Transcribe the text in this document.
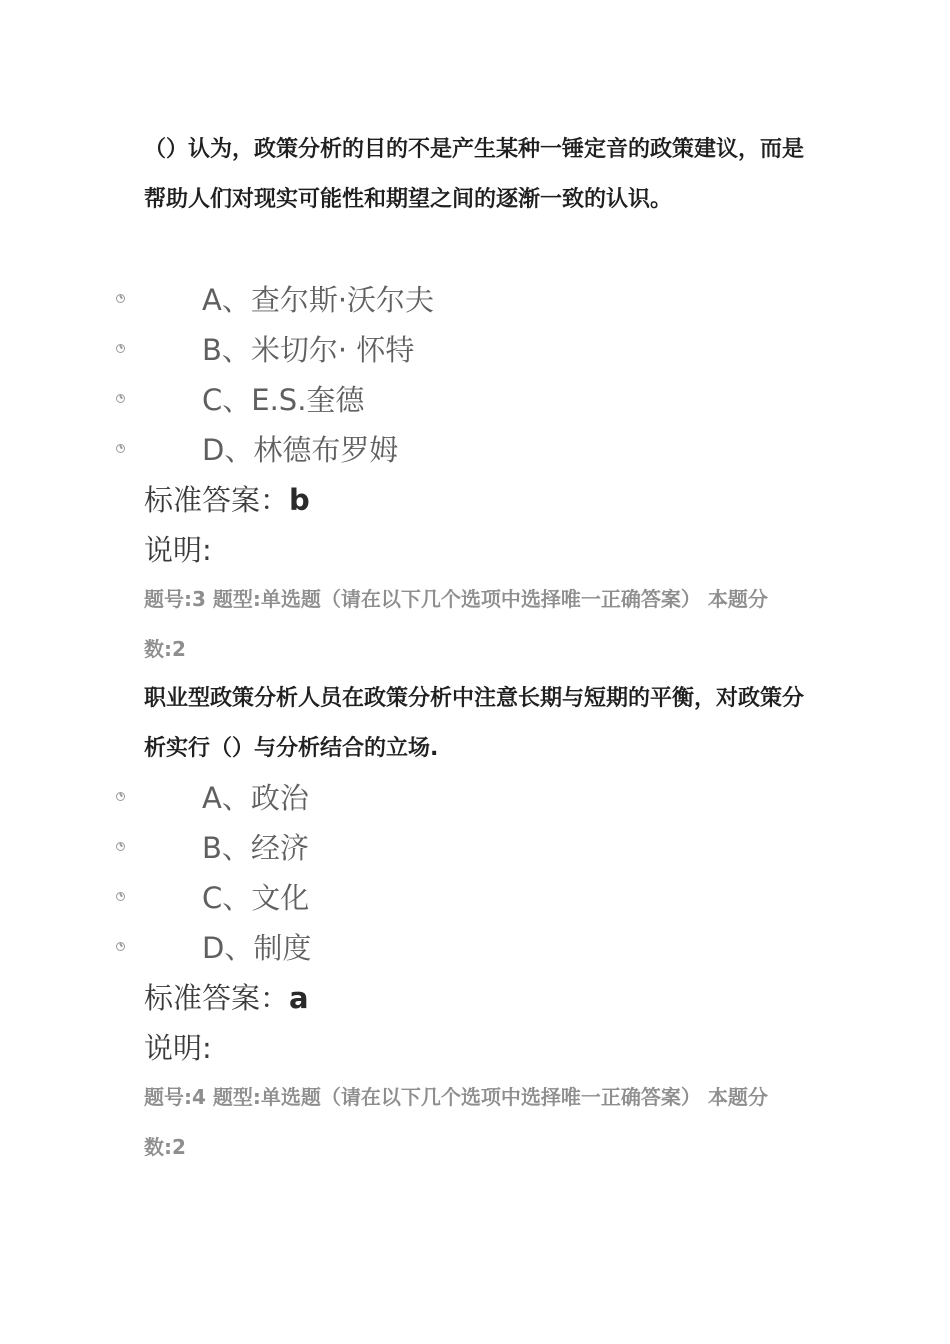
（）认为，政策分析的目的不是产生某种一锤定音的政策建议，而是帮助人们对现实可能性和期望之间的逐渐一致的认识。

A、查尔斯·沃尔夫
B、米切尔· 怀特
C、E.S.奎德
D、林德布罗姆
标准答案：b
说明:

题号:3 题型:单选题（请在以下几个选项中选择唯一正确答案） 本题分数:2

职业型政策分析人员在政策分析中注意长期与短期的平衡，对政策分析实行（）与分析结合的立场.

A、政治
B、经济
C、文化
D、制度
标准答案：a
说明:

题号:4 题型:单选题（请在以下几个选项中选择唯一正确答案） 本题分数:2
